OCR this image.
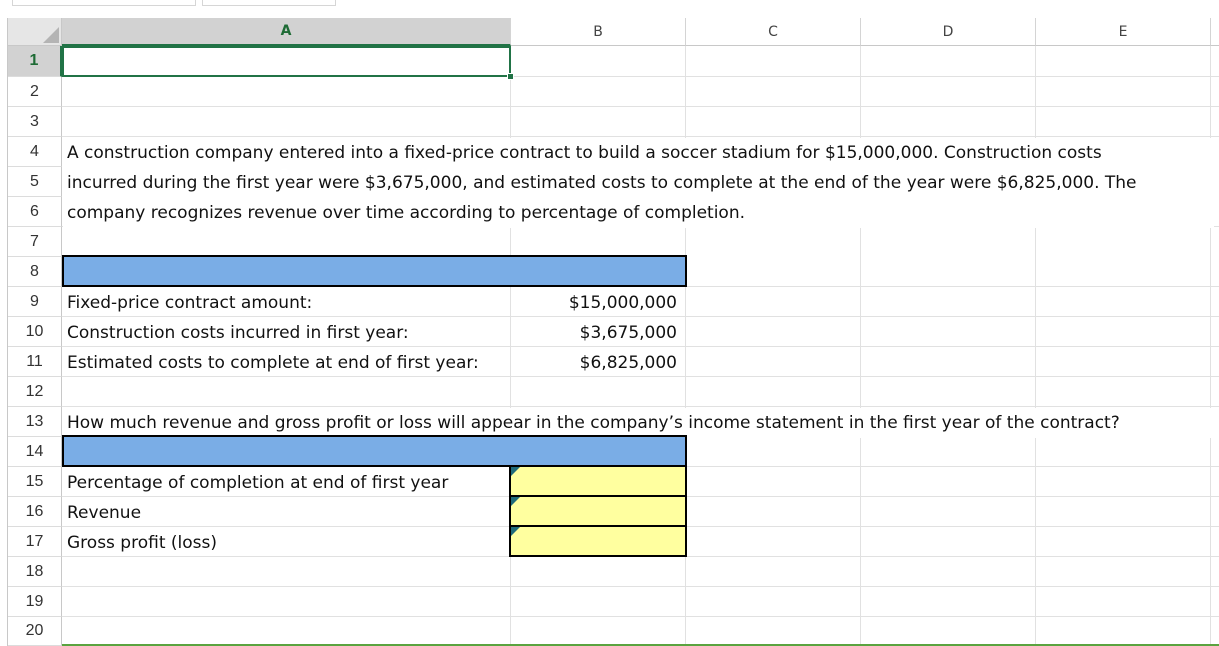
A	B	C	D	E
1
2
3
4
5
6
7
8
9
10
11
12
13
14
15
16
17
18
19
20
A construction company entered into a fixed-price contract to build a soccer stadium for $15,000,000. Construction costs
incurred during the first year were $3,675,000, and estimated costs to complete at the end of the year were $6,825,000. The
company recognizes revenue over time according to percentage of completion.
Fixed-price contract amount:	$15,000,000
Construction costs incurred in first year:	$3,675,000
Estimated costs to complete at end of first year:	$6,825,000
How much revenue and gross profit or loss will appear in the company’s income statement in the first year of the contract?
Percentage of completion at end of first year
Revenue
Gross profit (loss)
